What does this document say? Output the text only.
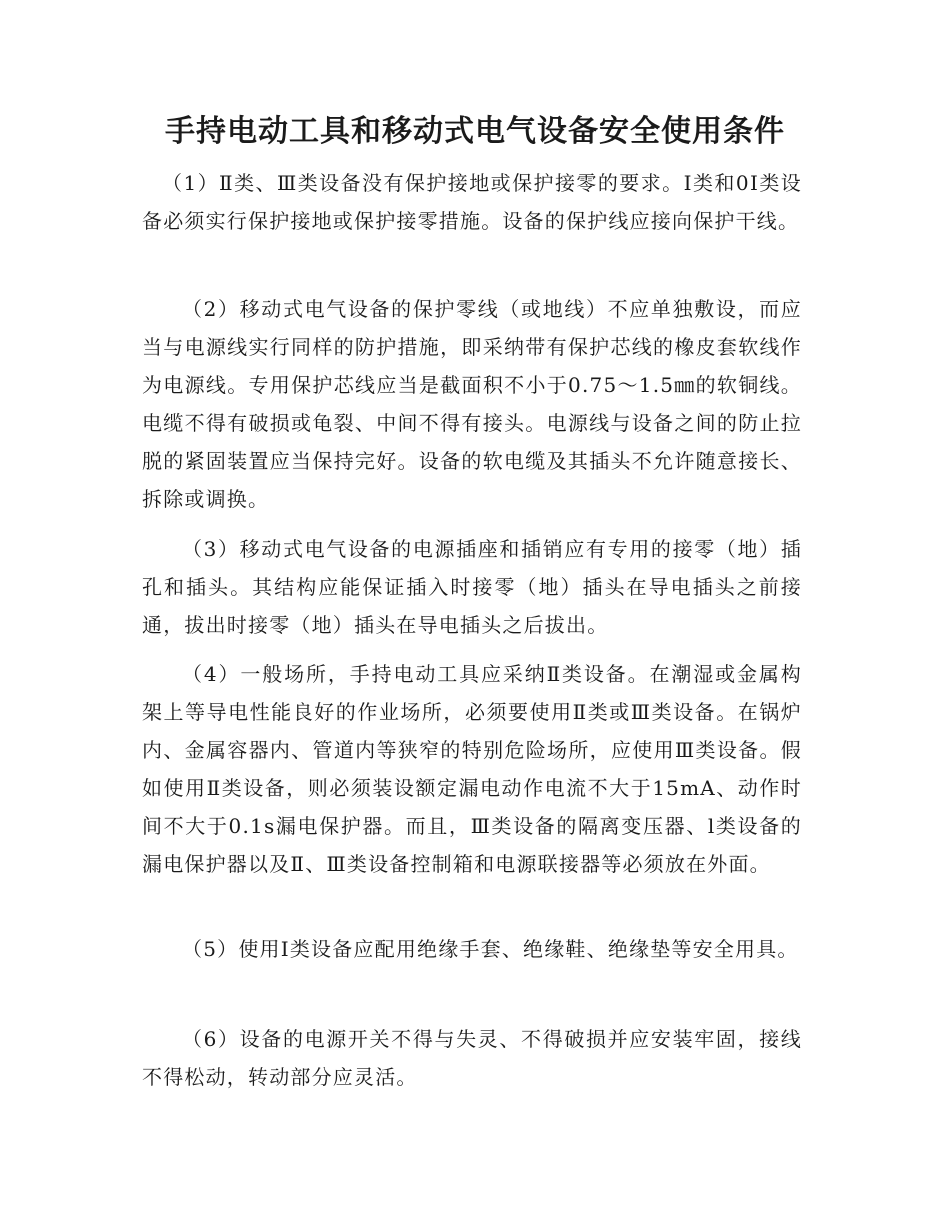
手持电动工具和移动式电气设备安全使用条件

（1）Ⅱ类、Ⅲ类设备没有保护接地或保护接零的要求。Ⅰ类和0Ⅰ类设备必须实行保护接地或保护接零措施。设备的保护线应接向保护干线。

（2）移动式电气设备的保护零线（或地线）不应单独敷设，而应当与电源线实行同样的防护措施，即采纳带有保护芯线的橡皮套软线作为电源线。专用保护芯线应当是截面积不小于0.75～1.5㎜的软铜线。电缆不得有破损或龟裂、中间不得有接头。电源线与设备之间的防止拉脱的紧固装置应当保持完好。设备的软电缆及其插头不允许随意接长、拆除或调换。

（3）移动式电气设备的电源插座和插销应有专用的接零（地）插孔和插头。其结构应能保证插入时接零（地）插头在导电插头之前接通，拔出时接零（地）插头在导电插头之后拔出。

（4）一般场所，手持电动工具应采纳Ⅱ类设备。在潮湿或金属构架上等导电性能良好的作业场所，必须要使用Ⅱ类或Ⅲ类设备。在锅炉内、金属容器内、管道内等狭窄的特别危险场所，应使用Ⅲ类设备。假如使用Ⅱ类设备，则必须装设额定漏电动作电流不大于15mA、动作时间不大于0.1s漏电保护器。而且，Ⅲ类设备的隔离变压器、l类设备的漏电保护器以及Ⅱ、Ⅲ类设备控制箱和电源联接器等必须放在外面。

（5）使用Ⅰ类设备应配用绝缘手套、绝缘鞋、绝缘垫等安全用具。

（6）设备的电源开关不得与失灵、不得破损并应安装牢固，接线不得松动，转动部分应灵活。
